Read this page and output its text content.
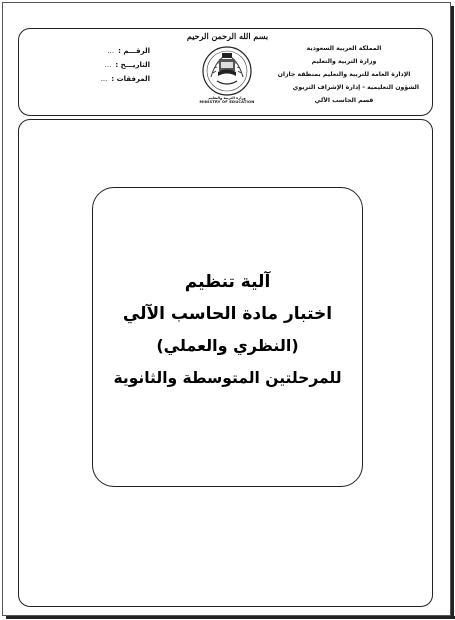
بسم الله الرحمن الرحيم
المملكة العربية السعودية
وزارة التربية والتعليم
الإدارة العامة للتربية والتعليم بمنطقة جازان
الشؤون التعليمية - إدارة الإشراف التربوي
قسم الحاسب الآلي
وزارة التربية والتعليم
MINISTRY OF EDUCATION
الرقـــم :...
التاريـــخ :...
المرفقات :...
آلية تنظيم
اختبار مادة الحاسب الآلي
(النظري والعملي)
للمرحلتين المتوسطة والثانوية
